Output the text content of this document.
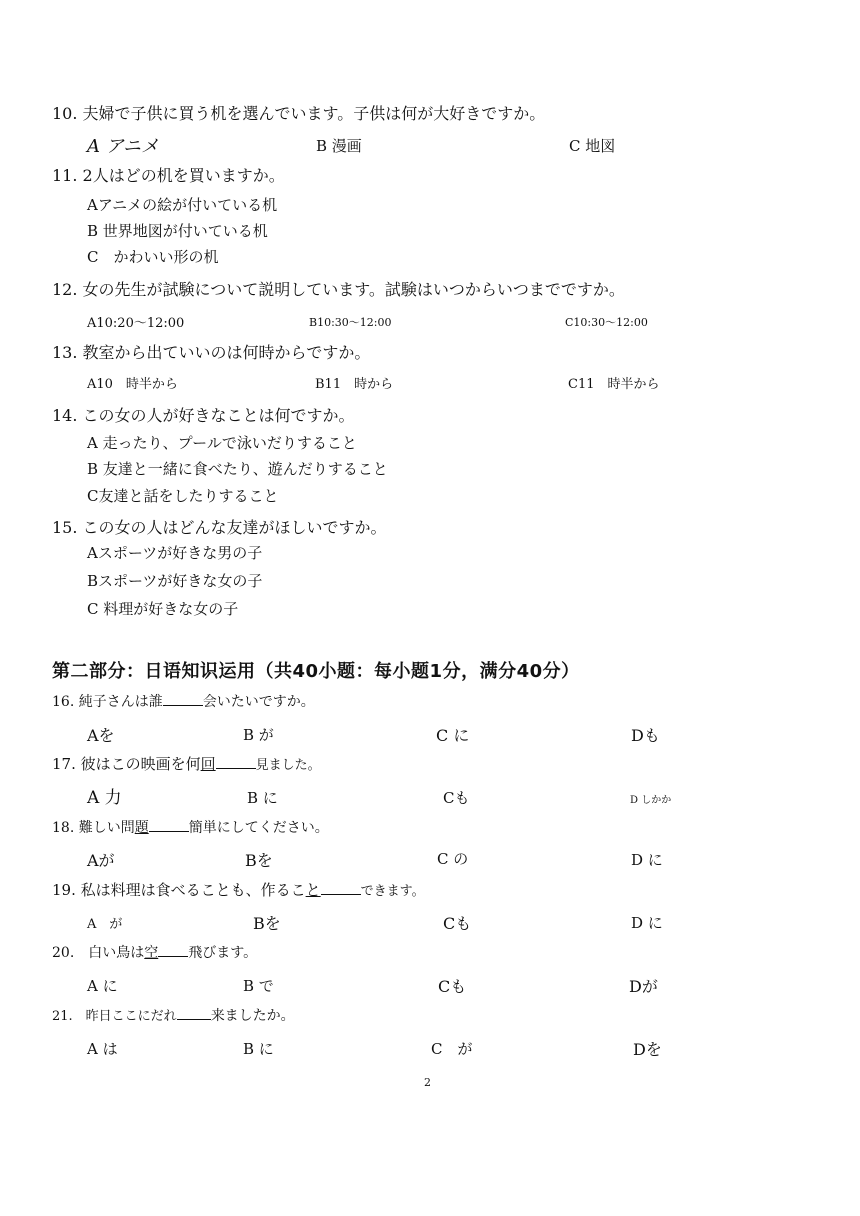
10. 夫婦で子供に買う机を選んでいます。子供は何が大好きですか。
A アニメ	B 漫画	C 地図
11. 2人はどの机を買いますか。
Aアニメの絵が付いている机
B 世界地図が付いている机
C　かわいい形の机
12. 女の先生が試験について説明しています。試験はいつからいつまでですか。
A10:20～12:00	B10:30～12:00	C10:30～12:00
13. 教室から出ていいのは何時からですか。
A10　時半から	B11　時から	C11　時半から
14. この女の人が好きなことは何ですか。
A 走ったり、プールで泳いだりすること
B 友達と一緒に食べたり、遊んだりすること
C友達と話をしたりすること
15. この女の人はどんな友達がほしいですか。
Aスポーツが好きな男の子
Bスポーツが好きな女の子
C 料理が好きな女の子
第二部分：日语知识运用（共40小题：每小题1分，满分40分）
16. 純子さんは誰	会いたいですか。
Aを	B が	C に	Dも
17. 彼はこの映画を何回	見ました。
A 力	B に	Cも	D しかか
18. 難しい問題	簡単にしてください。
Aが	Bを	C の	D に
19. 私は料理は食べることも、作ること	できます。
A　が	Bを	Cも	D に
20.　白い鳥は空 飛びます。
A に	B で	Cも	Dが
21.　昨日ここにだれ 来ましたか。
A は	B に	C　が	Dを
2
